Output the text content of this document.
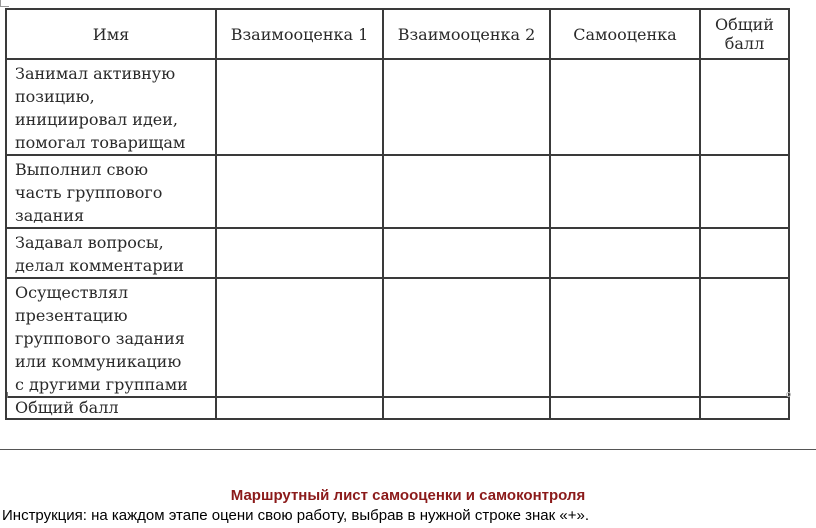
Имя	Взаимооценка 1	Взаимооценка 2	Самооценка	Общий балл

Занимал активную
позицию,
инициировал идеи,
помогал товарищам				

Выполнил свою
часть группового
задания				

Задавал вопросы,
делал комментарии				

Осуществлял
презентацию
группового задания
или коммуникацию
с другими группами				

Общий балл				

Маршрутный лист самооценки и самоконтроля
Инструкция: на каждом этапе оцени свою работу, выбрав в нужной строке знак «+».
